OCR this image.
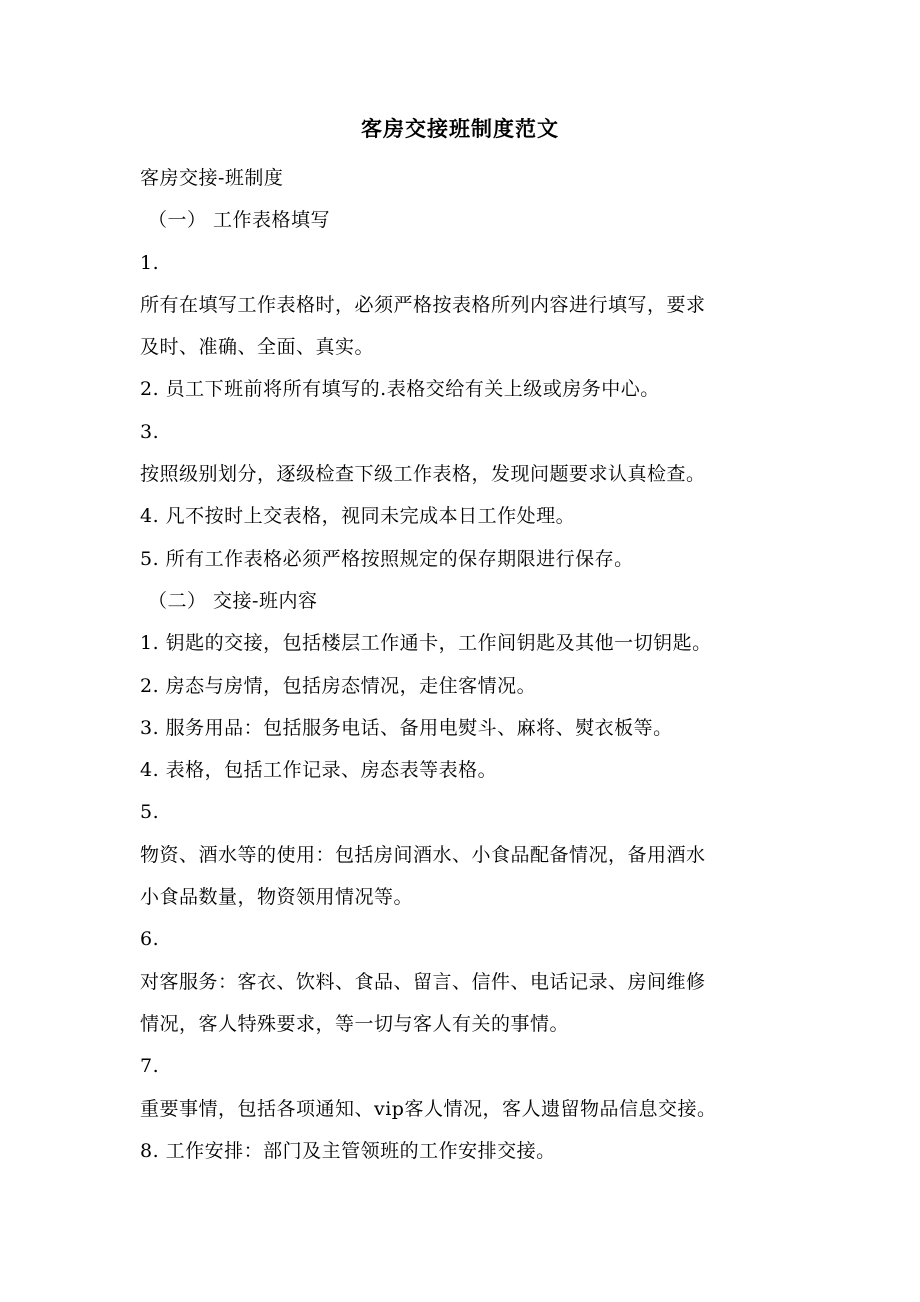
客房交接班制度范文
客房交接-班制度
（一） 工作表格填写
1.
所有在填写工作表格时，必须严格按表格所列内容进行填写，要求
及时、准确、全面、真实。
2. 员工下班前将所有填写的.表格交给有关上级或房务中心。
3.
按照级别划分，逐级检查下级工作表格，发现问题要求认真检查。
4. 凡不按时上交表格，视同未完成本日工作处理。
5. 所有工作表格必须严格按照规定的保存期限进行保存。
（二） 交接-班内容
1. 钥匙的交接，包括楼层工作通卡，工作间钥匙及其他一切钥匙。
2. 房态与房情，包括房态情况，走住客情况。
3. 服务用品：包括服务电话、备用电熨斗、麻将、熨衣板等。
4. 表格，包括工作记录、房态表等表格。
5.
物资、酒水等的使用：包括房间酒水、小食品配备情况，备用酒水
小食品数量，物资领用情况等。
6.
对客服务：客衣、饮料、食品、留言、信件、电话记录、房间维修
情况，客人特殊要求，等一切与客人有关的事情。
7.
重要事情，包括各项通知、vip客人情况，客人遗留物品信息交接。
8. 工作安排：部门及主管领班的工作安排交接。
